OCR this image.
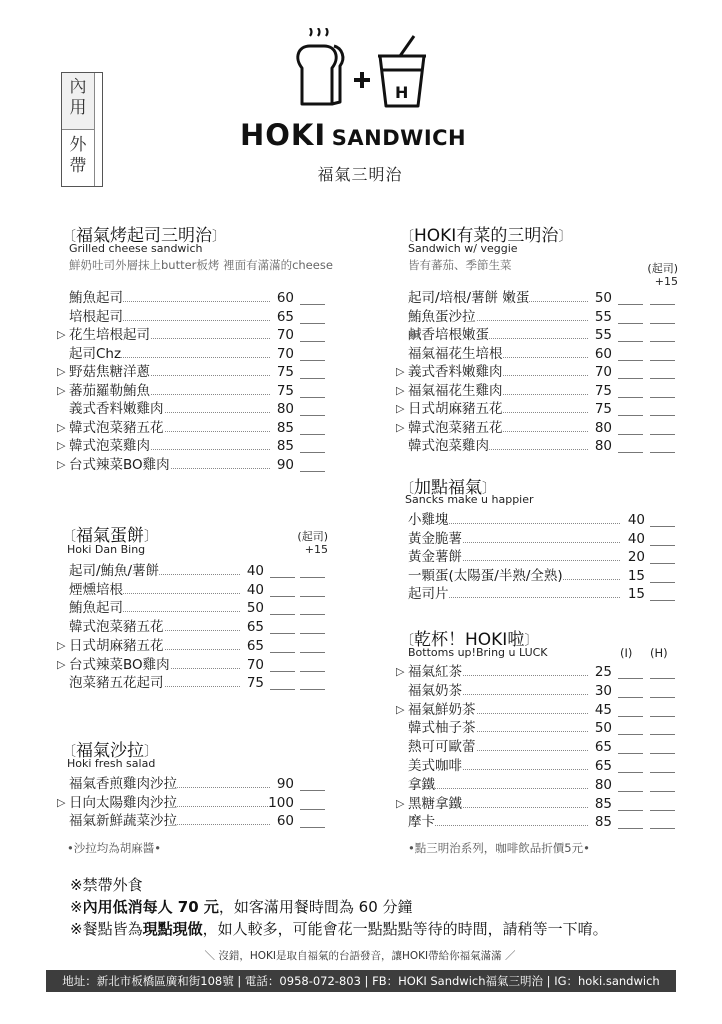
內用
外帶
H
HOKI SANDWICH
福氣三明治
〔福氣烤起司三明治〕
Grilled cheese sandwich
鮮奶吐司外層抹上butter板烤 裡面有滿滿的cheese
鮪魚起司	60
培根起司	65
▷ 花生培根起司	70
起司Chz	70
▷ 野菇焦糖洋蔥	75
▷ 蕃茄羅勒鮪魚	75
義式香料嫩雞肉	80
▷ 韓式泡菜豬五花	85
▷ 韓式泡菜雞肉	85
▷ 台式辣菜BO雞肉	90
〔福氣蛋餅〕
Hoki Dan Bing
(起司)
+15
起司/鮪魚/薯餅	40
煙燻培根	40
鮪魚起司	50
韓式泡菜豬五花	65
▷ 日式胡麻豬五花	65
▷ 台式辣菜BO雞肉	70
泡菜豬五花起司	75
〔福氣沙拉〕
Hoki fresh salad
福氣香煎雞肉沙拉	90
▷ 日向太陽雞肉沙拉	100
福氣新鮮蔬菜沙拉	60
•沙拉均為胡麻醬•
〔HOKI有菜的三明治〕
Sandwich w/ veggie
皆有蕃茄、季節生菜	(起司)
+15
起司/培根/薯餅 嫩蛋	50
鮪魚蛋沙拉	55
鹹香培根嫩蛋	55
福氣福花生培根	60
▷ 義式香料嫩雞肉	70
▷ 福氣福花生雞肉	75
▷ 日式胡麻豬五花	75
▷ 韓式泡菜豬五花	80
韓式泡菜雞肉	80
〔加點福氣〕
Sancks make u happier
小雞塊	40
黃金脆薯	40
黃金薯餅	20
一顆蛋(太陽蛋/半熟/全熟)	15
起司片	15
〔乾杯！HOKI啦〕
Bottoms up!Bring u LUCK	(I) (H)
▷ 福氣紅茶	25
福氣奶茶	30
▷ 福氣鮮奶茶	45
韓式柚子茶	50
熱可可歐蕾	65
美式咖啡	65
拿鐵	80
▷ 黑糖拿鐵	85
摩卡	85
•點三明治系列，咖啡飲品折價5元•
※禁帶外食
※內用低消每人 70 元，如客滿用餐時間為 60 分鐘
※餐點皆為現點現做，如人較多，可能會花一點點點等待的時間，請稍等一下唷。
＼ 沒錯，HOKI是取自福氣的台語發音，讓HOKI帶給你福氣滿滿 ／
地址：新北市板橋區廣和街108號 | 電話：0958-072-803 | FB：HOKI Sandwich福氣三明治 | IG：hoki.sandwich
